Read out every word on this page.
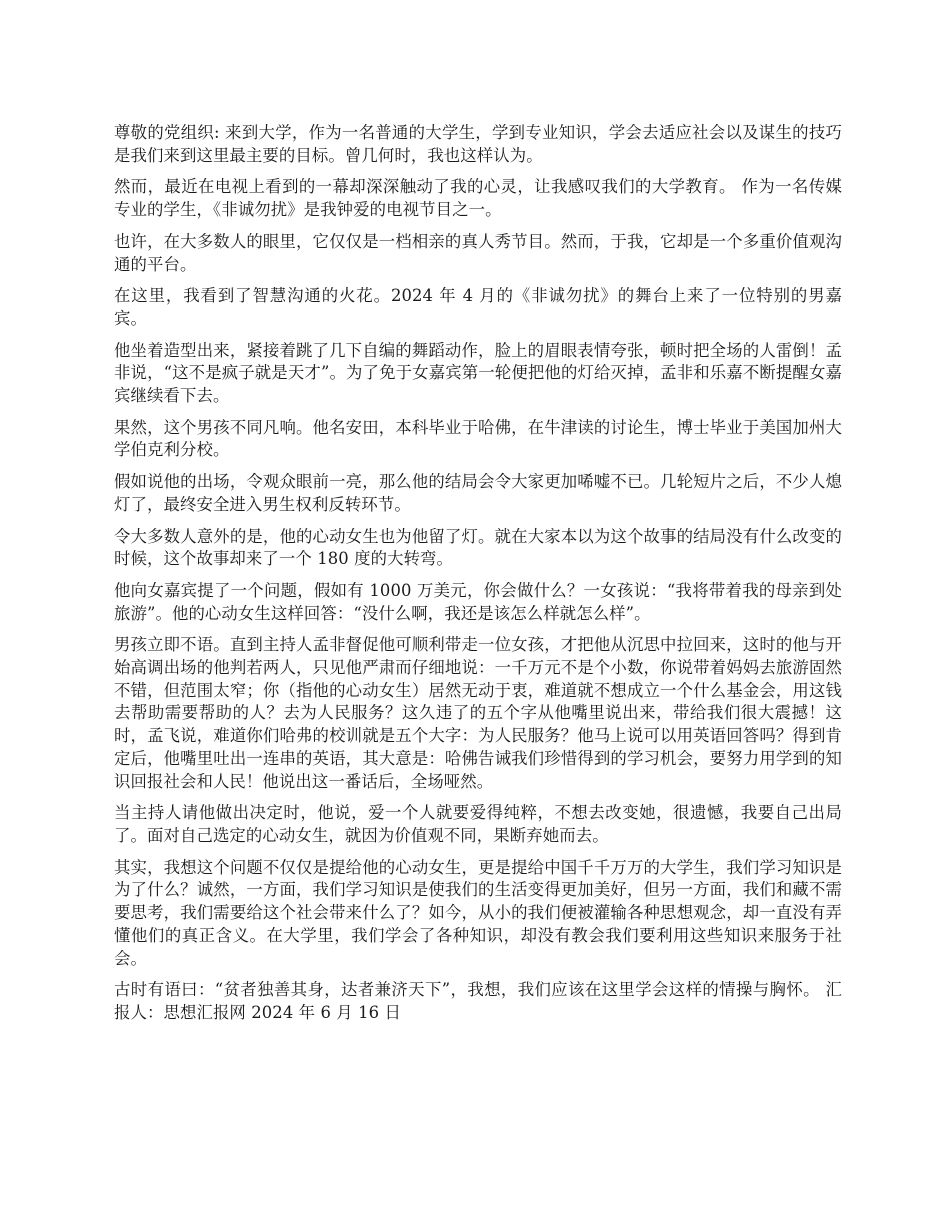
尊敬的党组织: 来到大学，作为一名普通的大学生，学到专业知识，学会去适应社会以及谋生的技巧是我们来到这里最主要的目标。曾几何时，我也这样认为。

然而，最近在电视上看到的一幕却深深触动了我的心灵，让我感叹我们的大学教育。 作为一名传媒专业的学生，《非诚勿扰》是我钟爱的电视节目之一。

也许，在大多数人的眼里，它仅仅是一档相亲的真人秀节目。然而，于我，它却是一个多重价值观沟通的平台。

在这里，我看到了智慧沟通的火花。2024 年 4 月的《非诚勿扰》的舞台上来了一位特别的男嘉宾。

他坐着造型出来，紧接着跳了几下自编的舞蹈动作，脸上的眉眼表情夸张，顿时把全场的人雷倒！孟非说，“这不是疯子就是天才”。为了免于女嘉宾第一轮便把他的灯给灭掉，孟非和乐嘉不断提醒女嘉宾继续看下去。

果然，这个男孩不同凡响。他名安田，本科毕业于哈佛，在牛津读的讨论生，博士毕业于美国加州大学伯克利分校。

假如说他的出场，令观众眼前一亮，那么他的结局会令大家更加唏嘘不已。几轮短片之后，不少人熄灯了，最终安全进入男生权利反转环节。

令大多数人意外的是，他的心动女生也为他留了灯。就在大家本以为这个故事的结局没有什么改变的时候，这个故事却来了一个 180 度的大转弯。

他向女嘉宾提了一个问题，假如有 1000 万美元，你会做什么？一女孩说：“我将带着我的母亲到处旅游”。他的心动女生这样回答：“没什么啊，我还是该怎么样就怎么样”。

男孩立即不语。直到主持人孟非督促他可顺利带走一位女孩，才把他从沉思中拉回来，这时的他与开始高调出场的他判若两人，只见他严肃而仔细地说：一千万元不是个小数，你说带着妈妈去旅游固然不错，但范围太窄；你（指他的心动女生）居然无动于衷，难道就不想成立一个什么基金会，用这钱去帮助需要帮助的人？去为人民服务？这久违了的五个字从他嘴里说出来，带给我们很大震撼！这时，孟飞说，难道你们哈弗的校训就是五个大字：为人民服务？他马上说可以用英语回答吗？得到肯定后，他嘴里吐出一连串的英语，其大意是：哈佛告诫我们珍惜得到的学习机会，要努力用学到的知识回报社会和人民！他说出这一番话后，全场哑然。

当主持人请他做出决定时，他说，爱一个人就要爱得纯粹，不想去改变她，很遗憾，我要自己出局了。面对自己选定的心动女生，就因为价值观不同，果断弃她而去。

其实，我想这个问题不仅仅是提给他的心动女生，更是提给中国千千万万的大学生，我们学习知识是为了什么？诚然，一方面，我们学习知识是使我们的生活变得更加美好，但另一方面，我们和藏不需要思考，我们需要给这个社会带来什么了？如今，从小的我们便被灌输各种思想观念，却一直没有弄懂他们的真正含义。在大学里，我们学会了各种知识，却没有教会我们要利用这些知识来服务于社会。

古时有语曰：“贫者独善其身，达者兼济天下”，我想，我们应该在这里学会这样的情操与胸怀。 汇报人：思想汇报网 2024 年 6 月 16 日
